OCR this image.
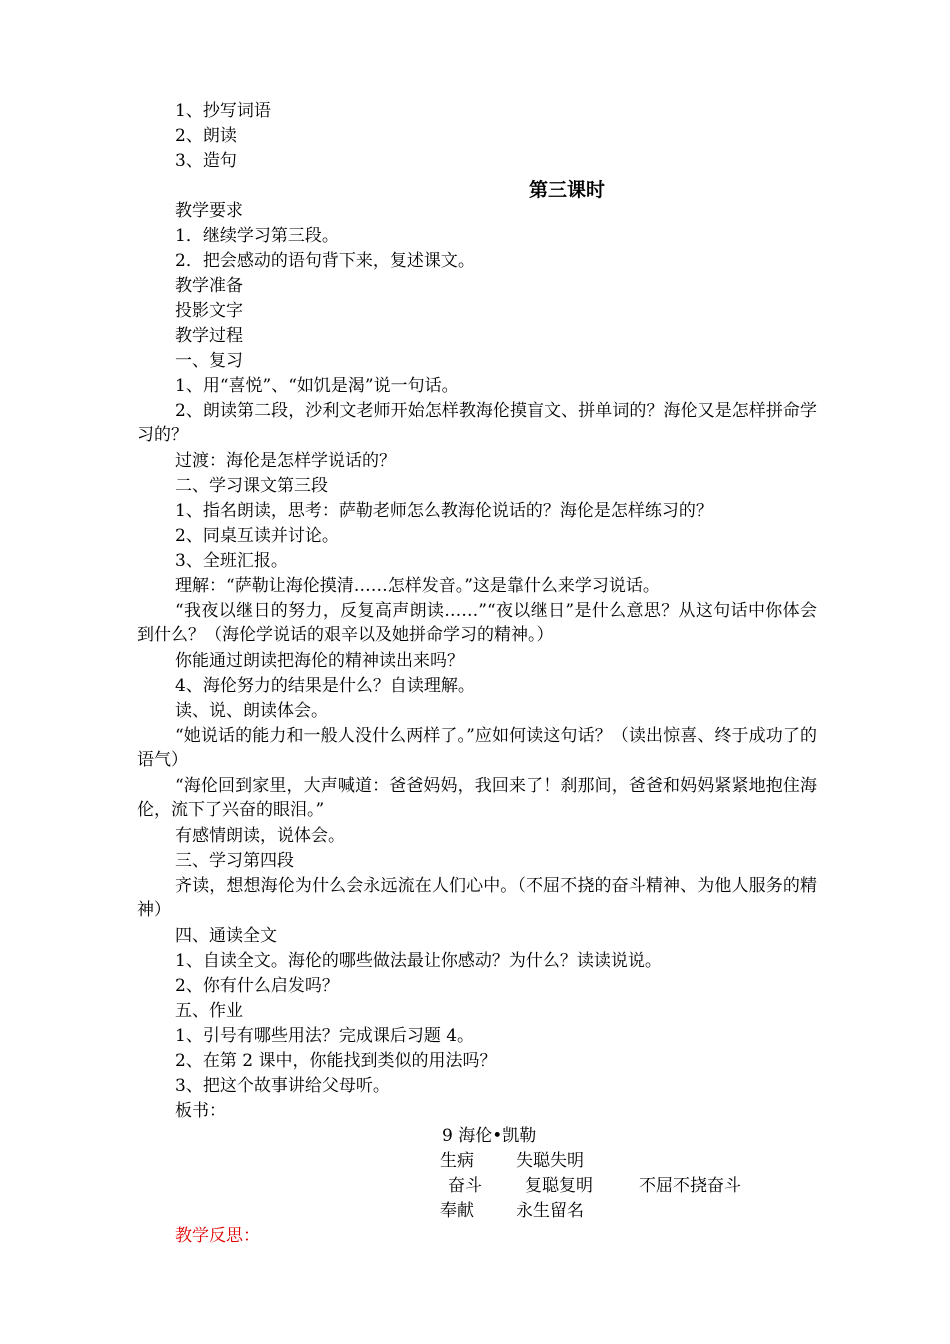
1、抄写词语
2、朗读
3、造句
第三课时
教学要求
1．继续学习第三段。
2．把会感动的语句背下来，复述课文。
教学准备
投影文字
教学过程
一、复习
1、用“喜悦”、“如饥是渴”说一句话。
2、朗读第二段，沙利文老师开始怎样教海伦摸盲文、拼单词的？海伦又是怎样拼命学习的？
过渡：海伦是怎样学说话的？
二、学习课文第三段
1、指名朗读，思考：萨勒老师怎么教海伦说话的？海伦是怎样练习的？
2、同桌互读并讨论。
3、全班汇报。
理解：“萨勒让海伦摸清……怎样发音。”这是靠什么来学习说话。
“我夜以继日的努力，反复高声朗读……”“夜以继日”是什么意思？从这句话中你体会到什么？（海伦学说话的艰辛以及她拼命学习的精神。）
你能通过朗读把海伦的精神读出来吗？
4、海伦努力的结果是什么？自读理解。
读、说、朗读体会。
“她说话的能力和一般人没什么两样了。”应如何读这句话？（读出惊喜、终于成功了的语气）
“海伦回到家里，大声喊道：爸爸妈妈，我回来了！刹那间，爸爸和妈妈紧紧地抱住海伦，流下了兴奋的眼泪。”
有感情朗读，说体会。
三、学习第四段
齐读，想想海伦为什么会永远流在人们心中。（不屈不挠的奋斗精神、为他人服务的精神）
四、通读全文
1、自读全文。海伦的哪些做法最让你感动？为什么？读读说说。
2、你有什么启发吗？
五、作业
1、引号有哪些用法？完成课后习题 4。
2、在第 2 课中，你能找到类似的用法吗？
3、把这个故事讲给父母听。
板书：
9 海伦•凯勒
生病 失聪失明
奋斗	复聪复明	不屈不挠奋斗
奉献 永生留名
教学反思：
